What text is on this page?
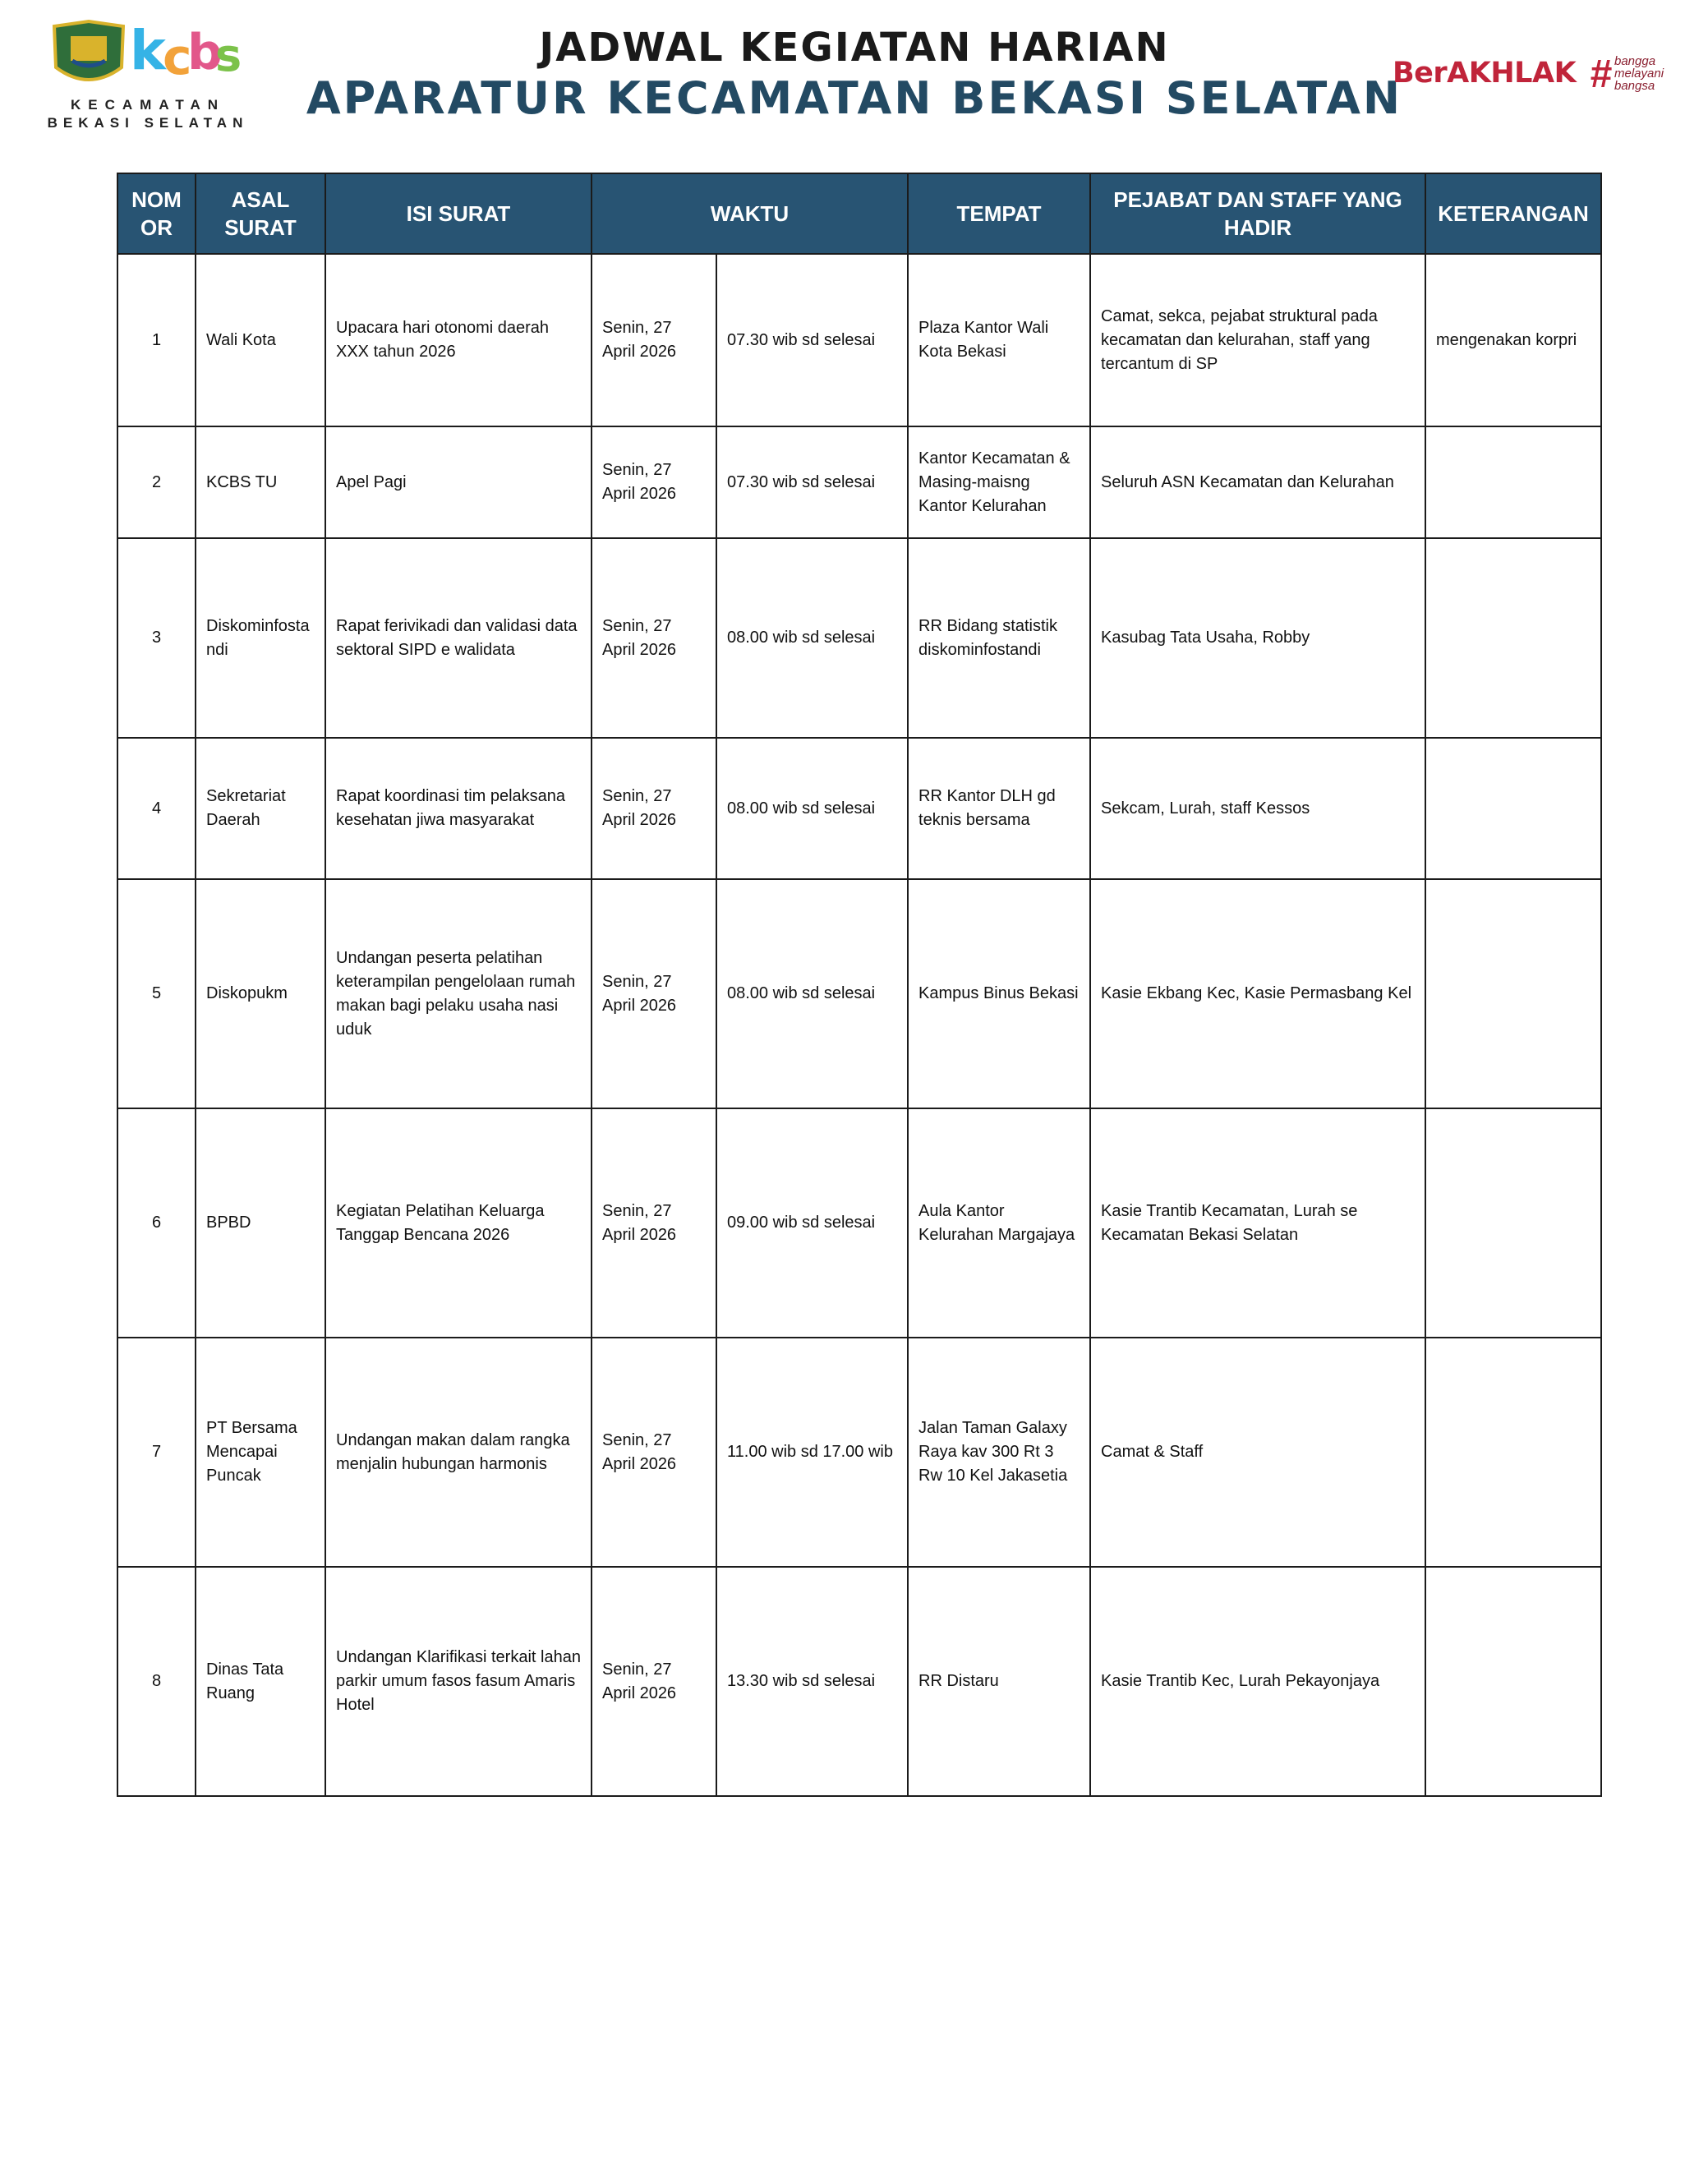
k
c
b
s
KECAMATAN
BEKASI SELATAN
JADWAL KEGIATAN HARIAN
APARATUR KECAMATAN BEKASI SELATAN
BerAKHLAK # bangga
melayani
bangsa
NOMOR	ASAL SURAT	ISI SURAT	WAKTU		TEMPAT	PEJABAT DAN STAFF YANG HADIR	KETERANGAN
1	Wali Kota	Upacara hari otonomi daerah XXX tahun 2026	Senin, 27 April 2026	07.30 wib sd selesai	Plaza Kantor Wali Kota Bekasi	Camat, sekca, pejabat struktural pada kecamatan dan kelurahan, staff yang tercantum di SP	mengenakan korpri
2	KCBS TU	Apel Pagi	Senin, 27 April 2026	07.30 wib sd selesai	Kantor Kecamatan & Masing-maisng Kantor Kelurahan	Seluruh ASN Kecamatan dan Kelurahan	
3	Diskominfostandi	Rapat ferivikadi dan validasi data sektoral SIPD e walidata	Senin, 27 April 2026	08.00 wib sd selesai	RR Bidang statistik diskominfostandi	Kasubag Tata Usaha, Robby	
4	Sekretariat Daerah	Rapat koordinasi tim pelaksana kesehatan jiwa masyarakat	Senin, 27 April 2026	08.00 wib sd selesai	RR Kantor DLH gd teknis bersama	Sekcam, Lurah, staff Kessos	
5	Diskopukm	Undangan peserta pelatihan keterampilan pengelolaan rumah makan bagi pelaku usaha nasi uduk	Senin, 27 April 2026	08.00 wib sd selesai	Kampus Binus Bekasi	Kasie Ekbang Kec, Kasie Permasbang Kel	
6	BPBD	Kegiatan Pelatihan Keluarga Tanggap Bencana 2026	Senin, 27 April 2026	09.00 wib sd selesai	Aula Kantor Kelurahan Margajaya	Kasie Trantib Kecamatan, Lurah se Kecamatan Bekasi Selatan	
7	PT Bersama Mencapai Puncak	Undangan makan dalam rangka menjalin hubungan harmonis	Senin, 27 April 2026	11.00 wib sd 17.00 wib	Jalan Taman Galaxy Raya kav 300 Rt 3 Rw 10 Kel Jakasetia	Camat & Staff	
8	Dinas Tata Ruang	Undangan Klarifikasi terkait lahan parkir umum fasos fasum Amaris Hotel	Senin, 27 April 2026	13.30 wib sd selesai	RR Distaru	Kasie Trantib Kec, Lurah Pekayonjaya	
